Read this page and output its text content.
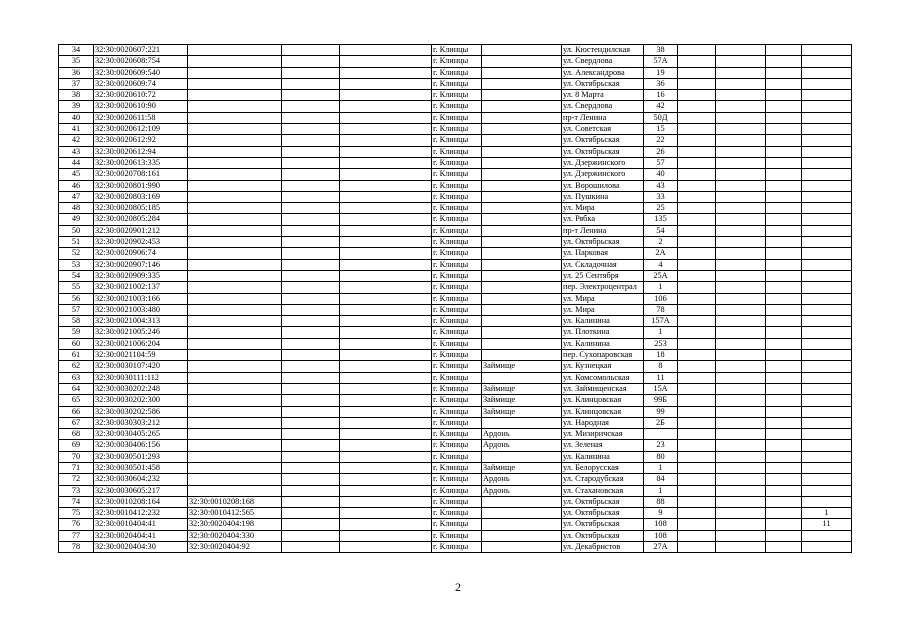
34	32:30:0020607:221				г. Клинцы		ул. Кюстендилская	38				
35	32:30:0020608:754				г. Клинцы		ул. Свердлова	57А				
36	32:30:0020609:540				г. Клинцы		ул. Александрова	19				
37	32:30:0020609:74				г. Клинцы		ул. Октябрьская	36				
38	32:30:0020610:72				г. Клинцы		ул. 8 Марта	16				
39	32:30:0020610:90				г. Клинцы		ул. Свердлова	42				
40	32:30:0020611:58				г. Клинцы		пр-т Ленина	50Д				
41	32:30:0020612:109				г. Клинцы		ул. Советская	15				
42	32:30:0020612:92				г. Клинцы		ул. Октябрьская	22				
43	32:30:0020612:94				г. Клинцы		ул. Октябрьская	26				
44	32:30:0020613:335				г. Клинцы		ул. Дзержинского	57				
45	32:30:0020708:161				г. Клинцы		ул. Дзержинского	40				
46	32:30:0020801:990				г. Клинцы		ул. Ворошилова	43				
47	32:30:0020803:169				г. Клинцы		ул. Пушкина	33				
48	32:30:0020805:185				г. Клинцы		ул. Мира	25				
49	32:30:0020805:284				г. Клинцы		ул. Рябка	135				
50	32:30:0020901:212				г. Клинцы		пр-т Ленина	54				
51	32:30:0020902:453				г. Клинцы		ул. Октябрьская	2				
52	32:30:0020906:74				г. Клинцы		ул. Парковая	2А				
53	32:30:0020907:146				г. Клинцы		ул. Складочная	4				
54	32:30:0020909:335				г. Клинцы		ул. 25 Сентября	25А				
55	32:30:0021002:137				г. Клинцы		пер. Электроцентрал	1				
56	32:30:0021003:166				г. Клинцы		ул. Мира	106				
57	32:30:0021003:480				г. Клинцы		ул. Мира	78				
58	32:30:0021004:313				г. Клинцы		ул. Калинина	157А				
59	32:30:0021005:246				г. Клинцы		ул. Плоткина	1				
60	32:30:0021006:204				г. Клинцы		ул. Калинина	253				
61	32:30:0021104:59				г. Клинцы		пер. Сухопаровская	18				
62	32:30:0030107:420				г. Клинцы	Займище	ул. Кузнецкая	8				
63	32:30:0030111:112				г. Клинцы		ул. Комсомольская	11				
64	32:30:0030202:248				г. Клинцы	Займище	ул. Займищенская	15А				
65	32:30:0030202:300				г. Клинцы	Займище	ул. Клинцовская	99Б				
66	32:30:0030202:586				г. Клинцы	Займище	ул. Клинцовская	99				
67	32:30:0030303:212				г. Клинцы		ул. Народная	2Б				
68	32:30:0030405:265				г. Клинцы	Ардонь	ул. Мизиричская					
69	32:30:0030406:156				г. Клинцы	Ардонь	ул. Зеленая	23				
70	32:30:0030501:293				г. Клинцы		ул. Калинина	80				
71	32:30:0030501:458				г. Клинцы	Займище	ул. Белорусская	1				
72	32:30:0030604:232				г. Клинцы	Ардонь	ул. Стародубская	84				
73	32:30:0030605:217				г. Клинцы	Ардонь	ул. Стахановская	1				
74	32:30:0010208:164	32:30:0010208:168			г. Клинцы		ул. Октябрьская	88				
75	32:30:0010412:232	32:30:0010412:565			г. Клинцы		ул. Октябрьская	9				1
76	32:30:0010404:41	32:30:0020404:198			г. Клинцы		ул. Октябрьская	108				11
77	32:30:0020404:41	32:30:0020404:330			г. Клинцы		ул. Октябрьская	108				
78	32:30:0020404:30	32:30:0020404:92			г. Клинцы		ул. Декабристов	27А				
2
